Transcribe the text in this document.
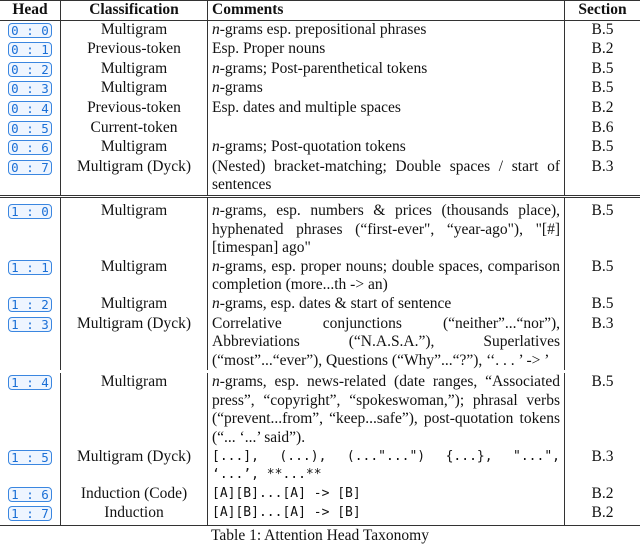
Head	Classification	Comments	Section
0 : 0	Multigram	n-grams esp. prepositional phrases	B.5
0 : 1	Previous-token	Esp. Proper nouns	B.2
0 : 2	Multigram	n-grams; Post-parenthetical tokens	B.5
0 : 3	Multigram	n-grams	B.5
0 : 4	Previous-token	Esp. dates and multiple spaces	B.2
0 : 5	Current-token		B.6
0 : 6	Multigram	n-grams; Post-quotation tokens	B.5
0 : 7	Multigram (Dyck)	(Nested) bracket-matching; Double spaces / start of sentences	B.3

1 : 0	Multigram	n-grams, esp. numbers & prices (thousands place), hyphenated phrases (“first-ever", “year-ago"), "[#] [timespan] ago"	B.5
1 : 1	Multigram	n-grams, esp. proper nouns; double spaces, comparison completion (more...th -> an)	B.5
1 : 2	Multigram	n-grams, esp. dates & start of sentence	B.5
1 : 3	Multigram (Dyck)	Correlative conjunctions (“neither”...“nor”), Abbreviations (“N.A.S.A.”), Superlatives (“most”...“ever”), Questions (“Why”...“?”), ‘‘. . . ’ -> ’	B.3

1 : 4	Multigram	n-grams, esp. news-related (date ranges, “Associated press”, “copyright”, “spokeswoman,”); phrasal verbs (“prevent...from”, “keep...safe”), post-quotation tokens (“... ‘...’ said”).	B.5
1 : 5	Multigram (Dyck)	[...], (...), (..."...") {...}, "...", ‘...’, **...**	B.3
1 : 6	Induction (Code)	[A][B]...[A] -> [B]	B.2
1 : 7	Induction	[A][B]...[A] -> [B]	B.2
Table 1: Attention Head Taxonomy
